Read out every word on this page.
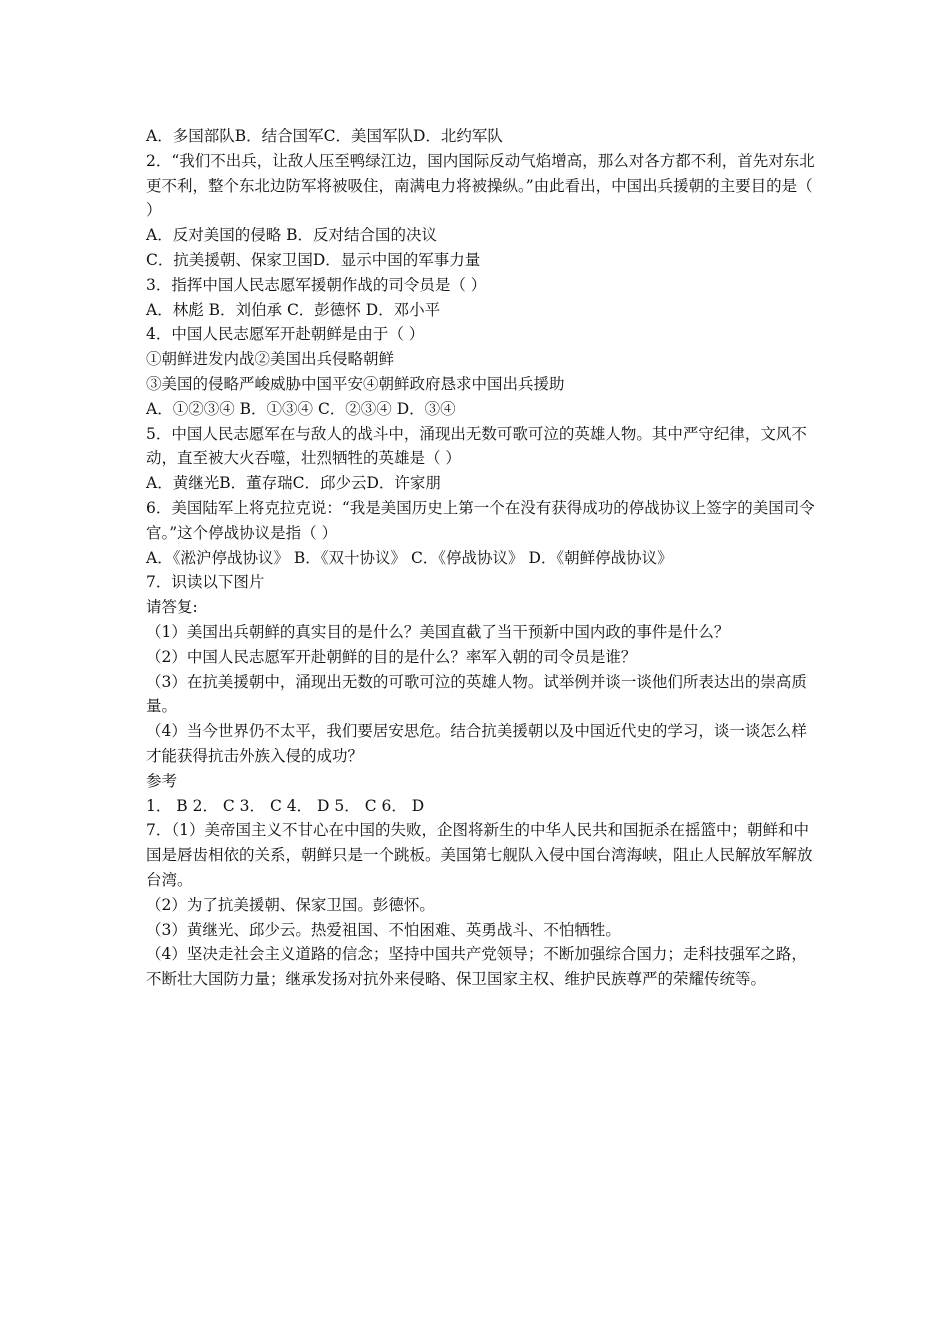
A．多国部队B．结合国军C．美国军队D．北约军队

2．“我们不出兵，让敌人压至鸭绿江边，国内国际反动气焰增高，那么对各方都不利，首先对东北更不利，整个东北边防军将被吸住，南满电力将被操纵。”由此看出，中国出兵援朝的主要目的是（ ）

A．反对美国的侵略 B．反对结合国的决议

C．抗美援朝、保家卫国D．显示中国的军事力量

3．指挥中国人民志愿军援朝作战的司令员是（ ）

A．林彪 B．刘伯承 C．彭德怀 D．邓小平

4．中国人民志愿军开赴朝鲜是由于（ ）

①朝鲜进发内战②美国出兵侵略朝鲜

③美国的侵略严峻威胁中国平安④朝鲜政府恳求中国出兵援助

A．①②③④ B．①③④ C．②③④ D．③④

5．中国人民志愿军在与敌人的战斗中，涌现出无数可歌可泣的英雄人物。其中严守纪律，文风不动，直至被大火吞噬，壮烈牺牲的英雄是（ ）

A．黄继光B．董存瑞C．邱少云D．许家朋

6．美国陆军上将克拉克说：“我是美国历史上第一个在没有获得成功的停战协议上签字的美国司令官。”这个停战协议是指（ ）

A．《淞沪停战协议》 B．《双十协议》 C．《停战协议》 D．《朝鲜停战协议》

7．识读以下图片

请答复:

（1）美国出兵朝鲜的真实目的是什么？美国直截了当干预新中国内政的事件是什么？

（2）中国人民志愿军开赴朝鲜的目的是什么？率军入朝的司令员是谁？

（3）在抗美援朝中，涌现出无数的可歌可泣的英雄人物。试举例并谈一谈他们所表达出的崇高质量。

（4）当今世界仍不太平，我们要居安思危。结合抗美援朝以及中国近代史的学习，谈一谈怎么样才能获得抗击外族入侵的成功？

参考

1． B 2． C 3． C 4． D 5． C 6． D

7．（1）美帝国主义不甘心在中国的失败，企图将新生的中华人民共和国扼杀在摇篮中；朝鲜和中国是唇齿相依的关系，朝鲜只是一个跳板。美国第七舰队入侵中国台湾海峡，阻止人民解放军解放台湾。

（2）为了抗美援朝、保家卫国。彭德怀。

（3）黄继光、邱少云。热爱祖国、不怕困难、英勇战斗、不怕牺牲。

（4）坚决走社会主义道路的信念；坚持中国共产党领导；不断加强综合国力；走科技强军之路，不断壮大国防力量；继承发扬对抗外来侵略、保卫国家主权、维护民族尊严的荣耀传统等。
